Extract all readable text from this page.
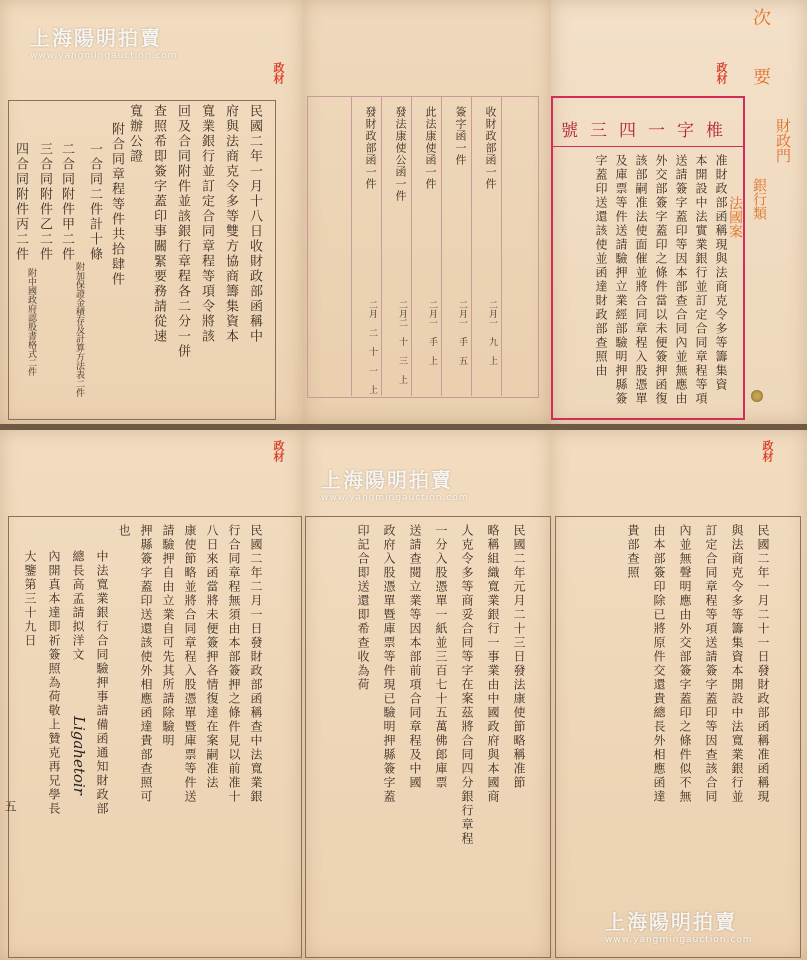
政材
上海陽明拍賣
www.yangmingauction.com
民國二年一月十八日收財政部函稱中
府與法商克令多等雙方協商籌集資本
寬業銀行並訂定合同章程等項令將該
回及合同附件並該銀行章程各二分一併
查照希即簽字蓋印事關緊要務請從速
寬辦公證
附合同章程等件共拾肆件
一合同二件計十條
附加保證金積存及計算方法表二件
二合同附件甲二件
三合同附件乙二件
四合同附件丙二件
附中國政府認股書格式二件
收財政部函一件
簽字函一件
此法康使函一件
發法康使公函一件
發財政部函一件
二月一 九 上
二月一 手 五
二月一 手 上
二月二 十 三 上
二月 二 十 一 上
次 要
財政門
銀行類
法國案
政材
號三四一字椎
准財政部函稱現與法商克令多等籌集資
本開設中法實業銀行並訂定合同章程等項
送請簽字蓋印等因本部查合同內並無應由
外交部簽字蓋印之條件當以未便簽押函復
該部嗣准法使面催並將合同章程入股憑單
及庫票等件送請驗押立業經部驗明押縣簽
字蓋印送還該使並函達財政部查照由
政材
民國二年二月一日發財政部函稱查中法寬業銀
行合同章程無須由本部簽押之條件見以前准十
八日來函當將未便簽押各情復達在案嗣准法
康使節略並將合同章程入股憑單暨庫票等件送
請驗押自由立業自可先其所請除驗明
押縣簽字蓋印送還該使外相應函達貴部查照可
也
中法寬業銀行合同驗押事請備函通知財政部
總長高孟請拟洋文
Ligahetoir
內開真本達即祈簽照為荷敬上贊克再兄學長
大鑒第三十九日
五
上海陽明拍賣
www.yangmingauction.com
民國二年元月二十三日發法康使節略稱准節
略稱組織寬業銀行一事業由中國政府與本國商
人克令多等商妥合同等字在案茲將合同四分銀行章程
一分入股憑單一紙並三百七十五萬佛郎庫票
送請查閱立業等因本部前項合同章程及中國
政府入股憑單暨庫票等件現已驗明押縣簽字蓋
印記合即送還即希查收為荷
政材
民國二年一月二十一日發財政部函稱准函稱現
與法商克令多等籌集資本開設中法寬業銀行並
訂定合同章程等項送請簽字蓋印等因查該合同
內並無聲明應由外交部簽字蓋印之條件似不無
由本部簽印除已將原件交還貴總長外相應函達
貴部查照
上海陽明拍賣
www.yangmingauction.com
